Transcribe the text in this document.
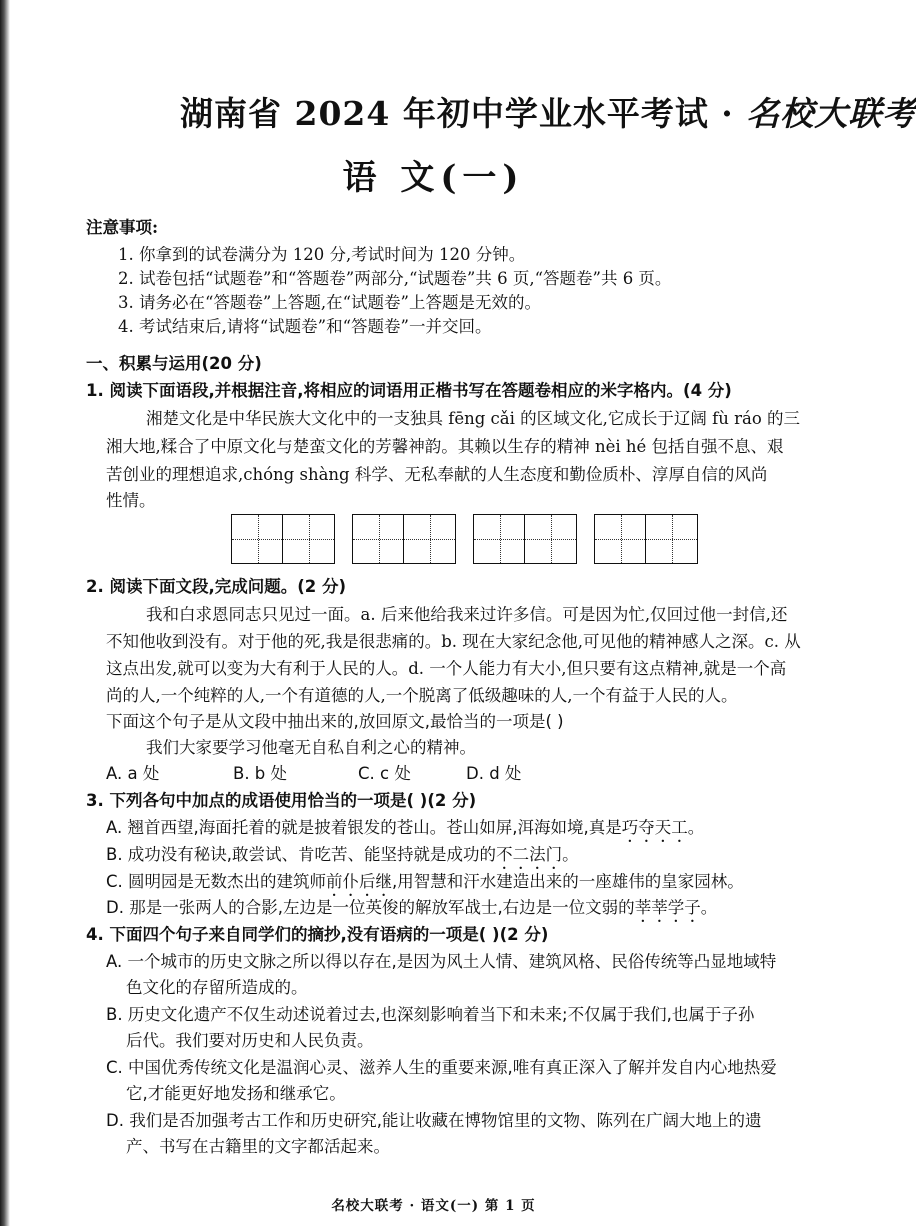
湖南省 2024 年初中学业水平考试 · 名校大联考
语 文(一)
注意事项:
1. 你拿到的试卷满分为 120 分,考试时间为 120 分钟。
2. 试卷包括“试题卷”和“答题卷”两部分,“试题卷”共 6 页,“答题卷”共 6 页。
3. 请务必在“答题卷”上答题,在“试题卷”上答题是无效的。
4. 考试结束后,请将“试题卷”和“答题卷”一并交回。
一、积累与运用(20 分)
1. 阅读下面语段,并根据注音,将相应的词语用正楷书写在答题卷相应的米字格内。(4 分)
湘楚文化是中华民族大文化中的一支独具 fēng cǎi 的区域文化,它成长于辽阔 fù ráo 的三
湘大地,糅合了中原文化与楚蛮文化的芳馨神韵。其赖以生存的精神 nèi hé 包括自强不息、艰
苦创业的理想追求,chóng shàng 科学、无私奉献的人生态度和勤俭质朴、淳厚自信的风尚
性情。
2. 阅读下面文段,完成问题。(2 分)
我和白求恩同志只见过一面。a. 后来他给我来过许多信。可是因为忙,仅回过他一封信,还
不知他收到没有。对于他的死,我是很悲痛的。b. 现在大家纪念他,可见他的精神感人之深。c. 从
这点出发,就可以变为大有利于人民的人。d. 一个人能力有大小,但只要有这点精神,就是一个高
尚的人,一个纯粹的人,一个有道德的人,一个脱离了低级趣味的人,一个有益于人民的人。
下面这个句子是从文段中抽出来的,放回原文,最恰当的一项是( )
我们大家要学习他毫无自私自利之心的精神。
A. a 处	B. b 处	C. c 处	D. d 处
3. 下列各句中加点的成语使用恰当的一项是( )(2 分)
A. 翘首西望,海面托着的就是披着银发的苍山。苍山如屏,洱海如境,真是巧夺天工。
B. 成功没有秘诀,敢尝试、肯吃苦、能坚持就是成功的不二法门。
C. 圆明园是无数杰出的建筑师前仆后继,用智慧和汗水建造出来的一座雄伟的皇家园林。
D. 那是一张两人的合影,左边是一位英俊的解放军战士,右边是一位文弱的莘莘学子。
4. 下面四个句子来自同学们的摘抄,没有语病的一项是( )(2 分)
A. 一个城市的历史文脉之所以得以存在,是因为风土人情、建筑风格、民俗传统等凸显地域特
色文化的存留所造成的。
B. 历史文化遗产不仅生动述说着过去,也深刻影响着当下和未来;不仅属于我们,也属于子孙
后代。我们要对历史和人民负责。
C. 中国优秀传统文化是温润心灵、滋养人生的重要来源,唯有真正深入了解并发自内心地热爱
它,才能更好地发扬和继承它。
D. 我们是否加强考古工作和历史研究,能让收藏在博物馆里的文物、陈列在广阔大地上的遗
产、书写在古籍里的文字都活起来。
名校大联考 · 语文(一) 第 1 页
